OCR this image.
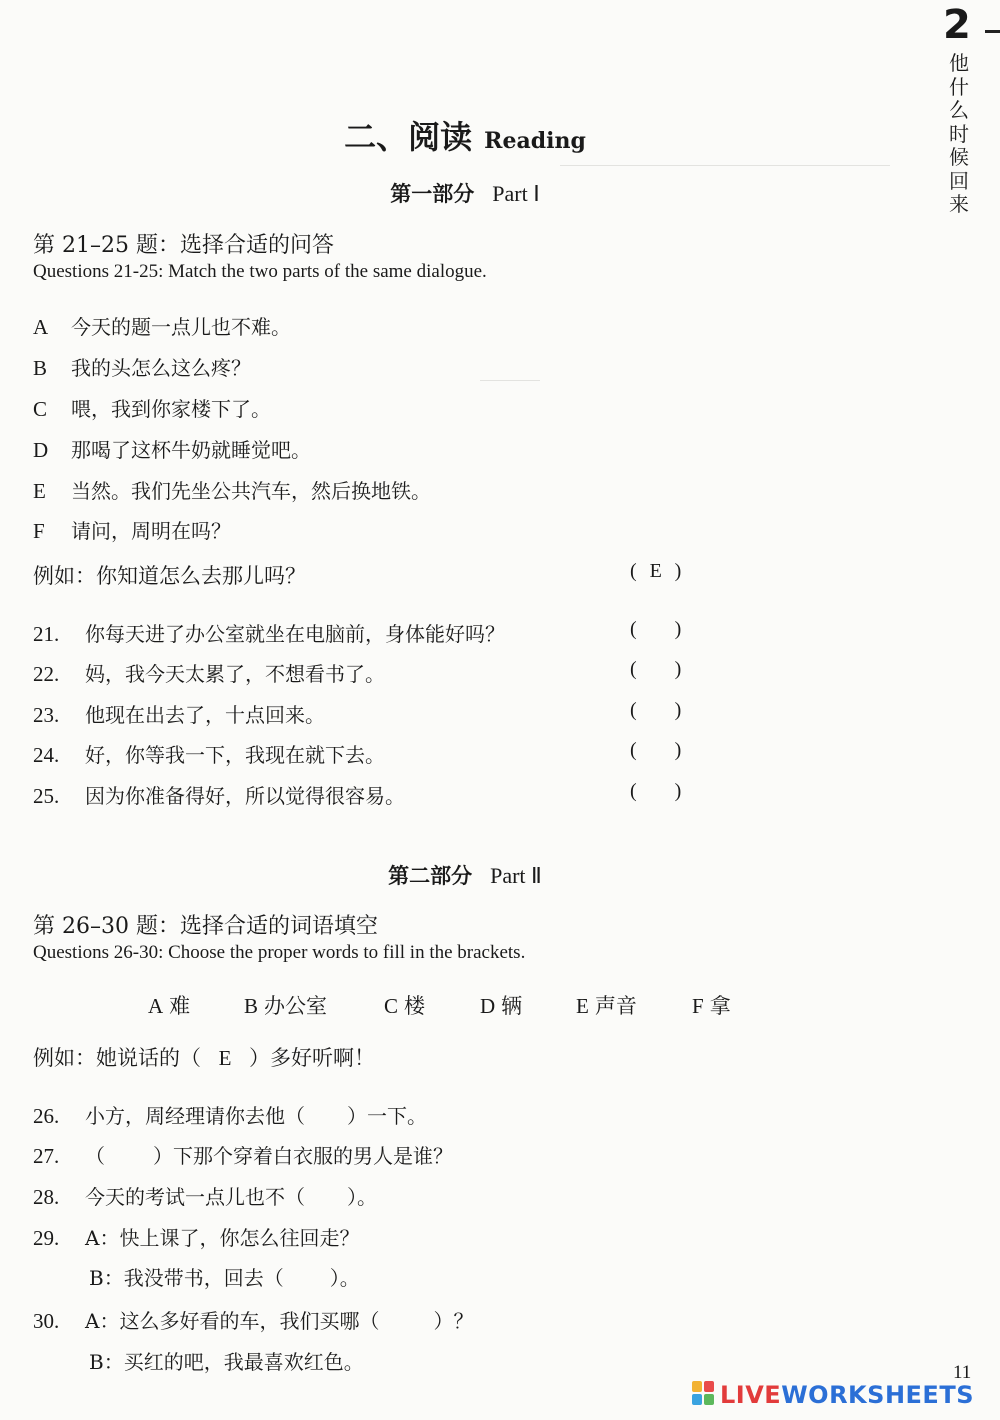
2
他什么时候回来
二、阅读 Reading
第一部分 Part Ⅰ
第 21–25 题：选择合适的问答
Questions 21-25: Match the two parts of the same dialogue.
A 今天的题一点儿也不难。
B 我的头怎么这么疼？
C 喂，我到你家楼下了。
D 那喝了这杯牛奶就睡觉吧。
E 当然。我们先坐公共汽车，然后换地铁。
F 请问，周明在吗？
例如：你知道怎么去那儿吗？	( E )
21. 你每天进了办公室就坐在电脑前，身体能好吗？	( )
22. 妈，我今天太累了，不想看书了。	( )
23. 他现在出去了，十点回来。	( )
24. 好，你等我一下，我现在就下去。	( )
25. 因为你准备得好，所以觉得很容易。	( )
第二部分 Part Ⅱ
第 26–30 题：选择合适的词语填空
Questions 26-30: Choose the proper words to fill in the brackets.
A 难	B 办公室	C 楼	D 辆	E 声音	F 拿
例如：她说话的（ E ）多好听啊！
26. 小方，周经理请你去他（ ）一下。
27. （ ）下那个穿着白衣服的男人是谁？
28. 今天的考试一点儿也不（ ）。
29. A：快上课了，你怎么往回走？
B：我没带书，回去（ ）。
30. A：这么多好看的车，我们买哪（	）？
B：买红的吧，我最喜欢红色。	11
LIVEWORKSHEETS
